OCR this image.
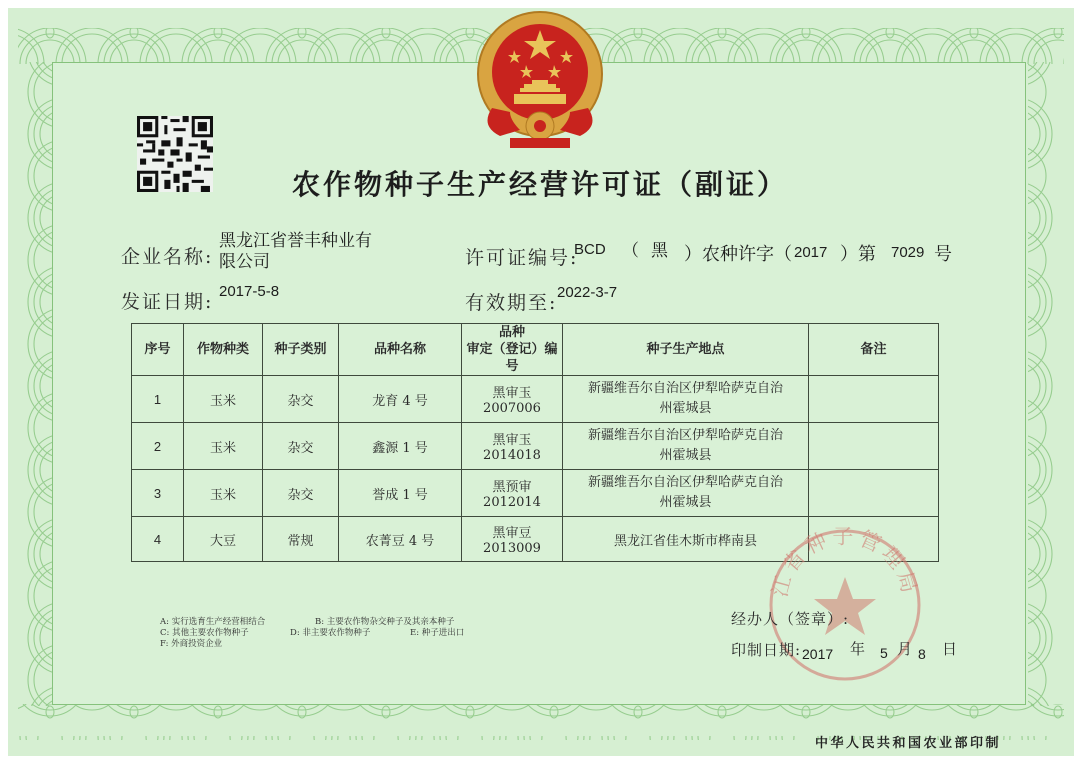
农作物种子生产经营许可证（副证）
企业名称:
黑龙江省誉丰种业有
限公司	许可证编号:
BCD （ 黑 ）农种许字（ 2017 ）第 7029 号
发证日期: 2017-5-8
有效期至: 2022-3-7
序号	作物种类	种子类别	品种名称	品种
审定（登记）编号	种子生产地点	备注
1	玉米	杂交	龙育 4 号	黑审玉 2007006	新疆维吾尔自治区伊犁哈萨克自治
州霍城县	

2	玉米	杂交	鑫源 1 号	黑审玉 2014018	新疆维吾尔自治区伊犁哈萨克自治
州霍城县	

3	玉米	杂交	誉成 1 号	黑预审 2012014	新疆维吾尔自治区伊犁哈萨克自治
州霍城县	

4	大豆	常规	农菁豆 4 号	黑审豆 2013009	黑龙江省佳木斯市桦南县	
A: 实行选育生产经营相结合	B: 主要农作物杂交种子及其亲本种子
C: 其他主要农作物种子	D: 非主要农作物种子	E: 种子进出口
F: 外商投资企业
江省种子管理局
经办人（签章）:
印制日期: 2017 年 5 月 8 日
中华人民共和国农业部印制
